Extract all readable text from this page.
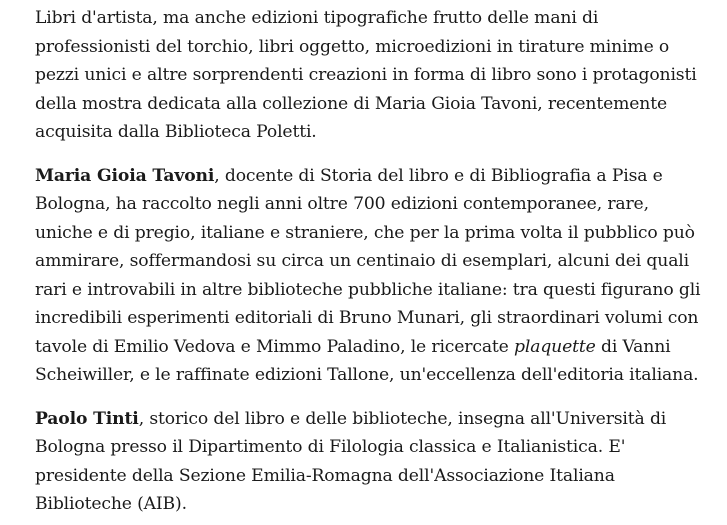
Libri d'artista, ma anche edizioni tipografiche frutto delle mani di professionisti del torchio, libri oggetto, microedizioni in tirature minime o pezzi unici e altre sorprendenti creazioni in forma di libro sono i protagonisti della mostra dedicata alla collezione di Maria Gioia Tavoni, recentemente acquisita dalla Biblioteca Poletti.

Maria Gioia Tavoni, docente di Storia del libro e di Bibliografia a Pisa e Bologna, ha raccolto negli anni oltre 700 edizioni contemporanee, rare, uniche e di pregio, italiane e straniere, che per la prima volta il pubblico può ammirare, soffermandosi su circa un centinaio di esemplari, alcuni dei quali rari e introvabili in altre biblioteche pubbliche italiane: tra questi figurano gli incredibili esperimenti editoriali di Bruno Munari, gli straordinari volumi con tavole di Emilio Vedova e Mimmo Paladino, le ricercate plaquette di Vanni Scheiwiller, e le raffinate edizioni Tallone, un'eccellenza dell'editoria italiana.

Paolo Tinti, storico del libro e delle biblioteche, insegna all'Università di Bologna presso il Dipartimento di Filologia classica e Italianistica. E' presidente della Sezione Emilia-Romagna dell'Associazione Italiana Biblioteche (AIB).
